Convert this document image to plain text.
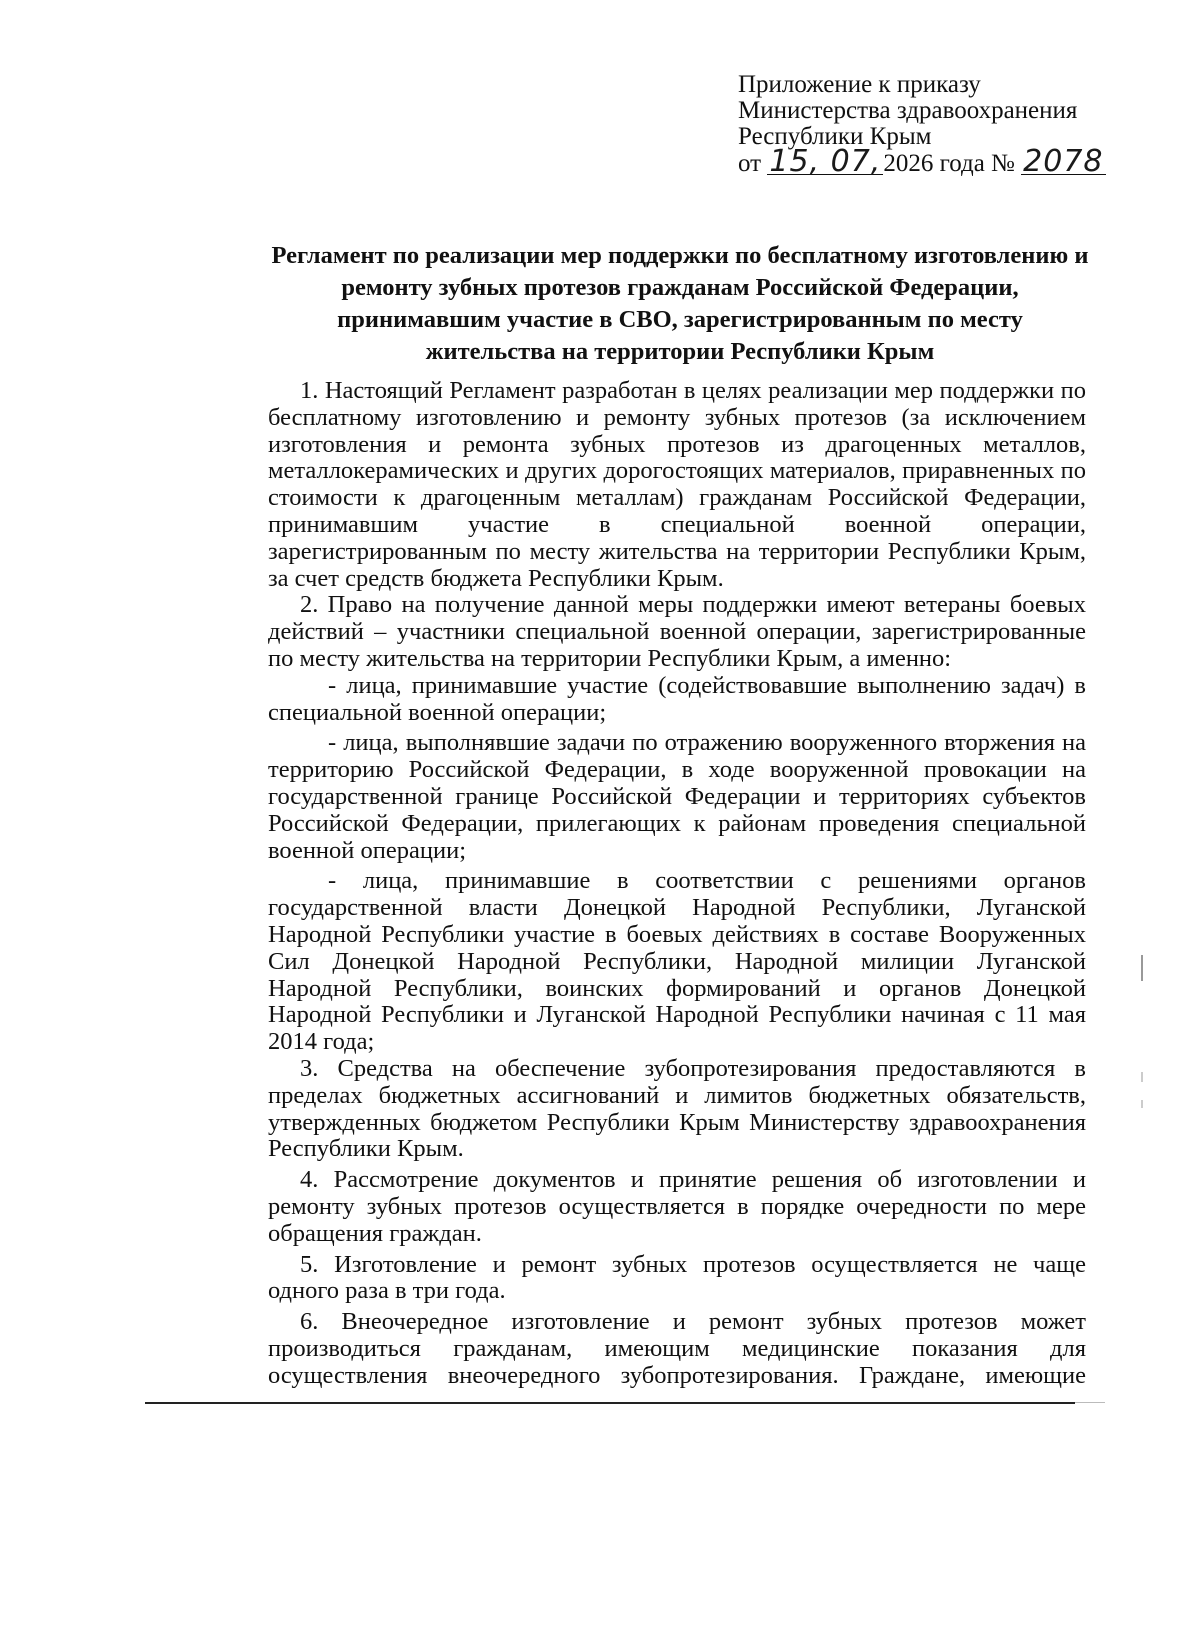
Приложение к приказу
Министерства здравоохранения
Республики Крым
от 15, 07,2026 года № 2078
Регламент по реализации мер поддержки по бесплатному изготовлению и ремонту зубных протезов гражданам Российской Федерации, принимавшим участие в СВО, зарегистрированным по месту жительства на территории Республики Крым

1. Настоящий Регламент разработан в целях реализации мер поддержки по бесплатному изготовлению и ремонту зубных протезов (за исключением изготовления и ремонта зубных протезов из драгоценных металлов, металлокерамических и других дорогостоящих материалов, приравненных по стоимости к драгоценным металлам) гражданам Российской Федерации, принимавшим участие в специальной военной операции, зарегистрированным по месту жительства на территории Республики Крым, за счет средств бюджета Республики Крым.

2. Право на получение данной меры поддержки имеют ветераны боевых действий – участники специальной военной операции, зарегистрированные по месту жительства на территории Республики Крым, а именно:

- лица, принимавшие участие (содействовавшие выполнению задач) в специальной военной операции;

- лица, выполнявшие задачи по отражению вооруженного вторжения на территорию Российской Федерации, в ходе вооруженной провокации на государственной границе Российской Федерации и территориях субъектов Российской Федерации, прилегающих к районам проведения специальной военной операции;

- лица, принимавшие в соответствии с решениями органов государственной власти Донецкой Народной Республики, Луганской Народной Республики участие в боевых действиях в составе Вооруженных Сил Донецкой Народной Республики, Народной милиции Луганской Народной Республики, воинских формирований и органов Донецкой Народной Республики и Луганской Народной Республики начиная с 11 мая 2014 года;

3. Средства на обеспечение зубопротезирования предоставляются в пределах бюджетных ассигнований и лимитов бюджетных обязательств, утвержденных бюджетом Республики Крым Министерству здравоохранения Республики Крым.

4. Рассмотрение документов и принятие решения об изготовлении и ремонту зубных протезов осуществляется в порядке очередности по мере обращения граждан.

5. Изготовление и ремонт зубных протезов осуществляется не чаще одного раза в три года.

6. Внеочередное изготовление и ремонт зубных протезов может производиться гражданам, имеющим медицинские показания для осуществления внеочередного зубопротезирования. Граждане, имеющие
